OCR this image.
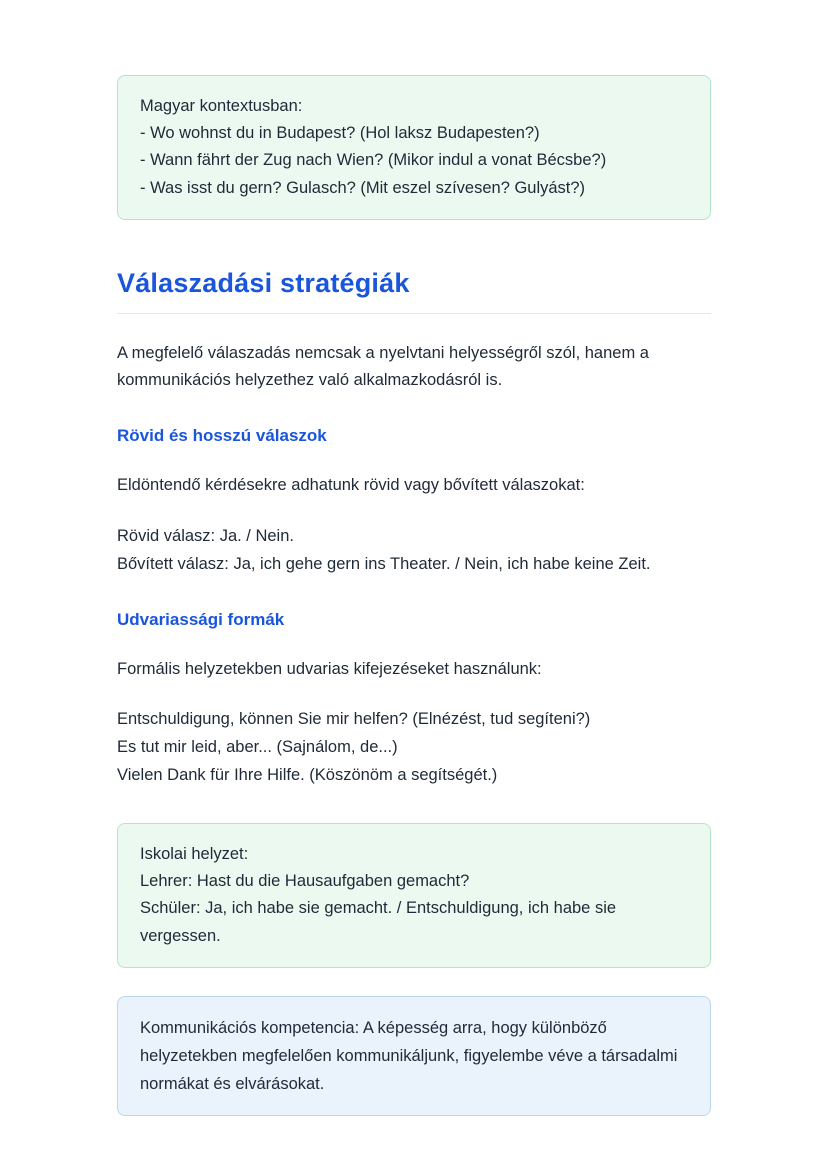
Magyar kontextusban:
- Wo wohnst du in Budapest? (Hol laksz Budapesten?)
- Wann fährt der Zug nach Wien? (Mikor indul a vonat Bécsbe?)
- Was isst du gern? Gulasch? (Mit eszel szívesen? Gulyást?)
Válaszadási stratégiák

A megfelelő válaszadás nemcsak a nyelvtani helyességről szól, hanem a kommunikációs helyzethez való alkalmazkodásról is.

Rövid és hosszú válaszok

Eldöntendő kérdésekre adhatunk rövid vagy bővített válaszokat:

Rövid válasz: Ja. / Nein.
Bővített válasz: Ja, ich gehe gern ins Theater. / Nein, ich habe keine Zeit.
Udvariassági formák

Formális helyzetekben udvarias kifejezéseket használunk:

Entschuldigung, können Sie mir helfen? (Elnézést, tud segíteni?)
Es tut mir leid, aber... (Sajnálom, de...)
Vielen Dank für Ihre Hilfe. (Köszönöm a segítségét.)
Iskolai helyzet:
Lehrer: Hast du die Hausaufgaben gemacht?
Schüler: Ja, ich habe sie gemacht. / Entschuldigung, ich habe sie vergessen.
Kommunikációs kompetencia: A képesség arra, hogy különböző helyzetekben megfelelően kommunikáljunk, figyelembe véve a társadalmi normákat és elvárásokat.
